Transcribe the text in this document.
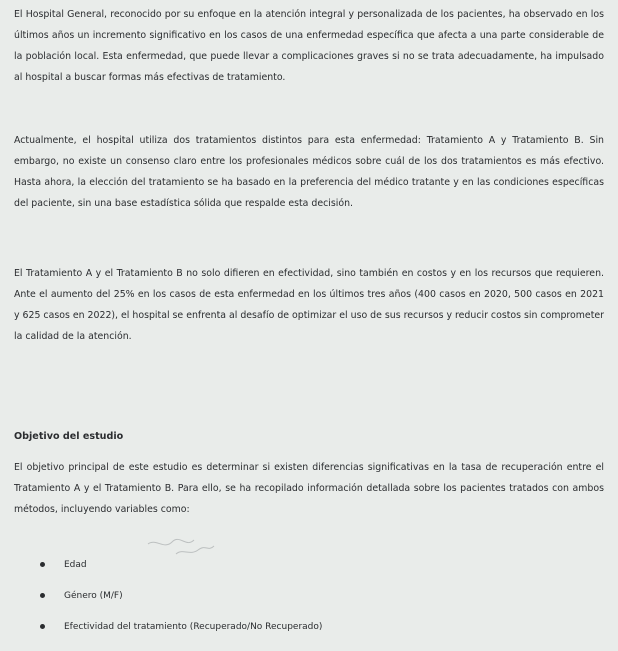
El Hospital General, reconocido por su enfoque en la atención integral y personalizada de los pacientes, ha observado en los últimos años un incremento significativo en los casos de una enfermedad específica que afecta a una parte considerable de la población local. Esta enfermedad, que puede llevar a complicaciones graves si no se trata adecuadamente, ha impulsado al hospital a buscar formas más efectivas de tratamiento.

Actualmente, el hospital utiliza dos tratamientos distintos para esta enfermedad: Tratamiento A y Tratamiento B. Sin embargo, no existe un consenso claro entre los profesionales médicos sobre cuál de los dos tratamientos es más efectivo. Hasta ahora, la elección del tratamiento se ha basado en la preferencia del médico tratante y en las condiciones específicas del paciente, sin una base estadística sólida que respalde esta decisión.

El Tratamiento A y el Tratamiento B no solo difieren en efectividad, sino también en costos y en los recursos que requieren. Ante el aumento del 25% en los casos de esta enfermedad en los últimos tres años (400 casos en 2020, 500 casos en 2021 y 625 casos en 2022), el hospital se enfrenta al desafío de optimizar el uso de sus recursos y reducir costos sin comprometer la calidad de la atención.

Objetivo del estudio

El objetivo principal de este estudio es determinar si existen diferencias significativas en la tasa de recuperación entre el Tratamiento A y el Tratamiento B. Para ello, se ha recopilado información detallada sobre los pacientes tratados con ambos métodos, incluyendo variables como:

Edad
Género (M/F)
Efectividad del tratamiento (Recuperado/No Recuperado)
